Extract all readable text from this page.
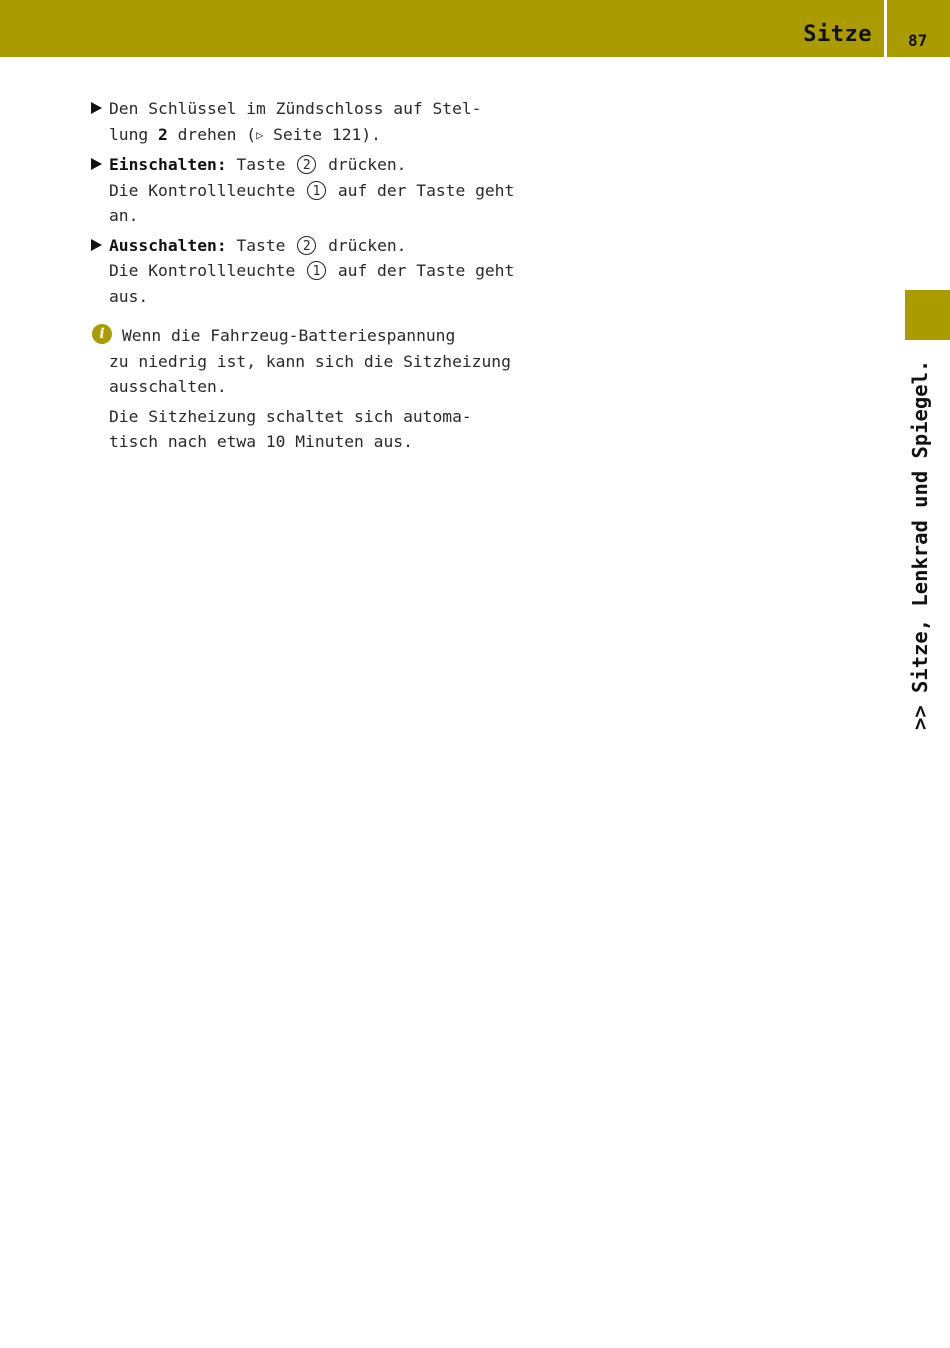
Sitze 87
>> Sitze, Lenkrad und Spiegel.
Den Schlüssel im Zündschloss auf Stel-
lung 2 drehen (▷ Seite 121).
Einschalten: Taste 2 drücken.
Die Kontrollleuchte 1 auf der Taste geht
an.
Ausschalten: Taste 2 drücken.
Die Kontrollleuchte 1 auf der Taste geht
aus.
i	Wenn die Fahrzeug-Batteriespannung
zu niedrig ist, kann sich die Sitzheizung
ausschalten.

Die Sitzheizung schaltet sich automa-
tisch nach etwa 10 Minuten aus.
